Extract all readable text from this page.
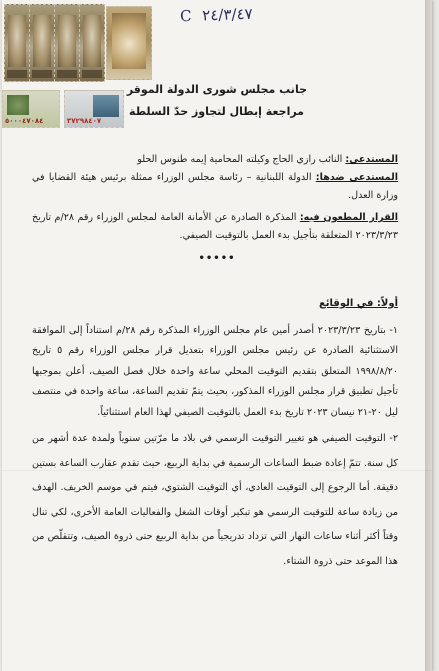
٥٠٠٠٤٧٠٨٤	٣٧٢٩٨٤٠٧
C ٢٤/٣/٤٧
جانب مجلس شورى الدولة الموقر
مراجعة إبطال لتجاوز حدّ السلطة
المستدعي: النائب رازي الحاج وكيلته المحامية إيمه طنوس الحلو
المستدعى ضدها: الدولة اللبنانية – رئاسة مجلس الوزراء ممثلة برئيس هيئة القضايا في وزارة العدل.
القرار المطعون فيه: المذكرة الصادرة عن الأمانة العامة لمجلس الوزراء رقم ٢٨/م تاريخ ٢٠٢٣/٣/٢٣ المتعلقة بتأجيل بدء العمل بالتوقيت الصيفي.
•••••
أولاً: في الوقائع
١- بتاريخ ٢٠٢٣/٣/٢٣ أصدر أمين عام مجلس الوزراء المذكرة رقم ٢٨/م استناداً إلى الموافقة الاستثنائية الصادرة عن رئيس مجلس الوزراء بتعديل قرار مجلس الوزراء رقم ٥ تاريخ ١٩٩٨/٨/٢٠ المتعلق بتقديم التوقيت المحلي ساعة واحدة خلال فصل الصيف، أعلن بموجبها تأجيل تطبيق قرار مجلس الوزراء المذكور، بحيث يتمّ تقديم الساعة، ساعة واحدة في منتصف ليل ٢٠-٢١ نيسان ٢٠٢٣ تاريخ بدء العمل بالتوقيت الصيفي لهذا العام استثنائياً.
٢- التوقيت الصيفي هو تغيير التوقيت الرسمي في بلاد ما مرّتين سنوياً ولمدة عدة أشهر من كل سنة. تتمّ إعادة ضبط الساعات الرسمية في بداية الربيع، حيث تقدم عقارب الساعة بستين دقيقة. أما الرجوع إلى التوقيت العادي، أي التوقيت الشتوي، فيتم في موسم الخريف. الهدف من زيادة ساعة للتوقيت الرسمي هو تبكير أوقات الشغل والفعاليات العامة الأخرى، لكي تنال وقتاً أكثر أثناء ساعات النهار التي تزداد تدريجياً من بداية الربيع حتى ذروة الصيف، وتتقلّص من هذا الموعد حتى ذروة الشتاء.
